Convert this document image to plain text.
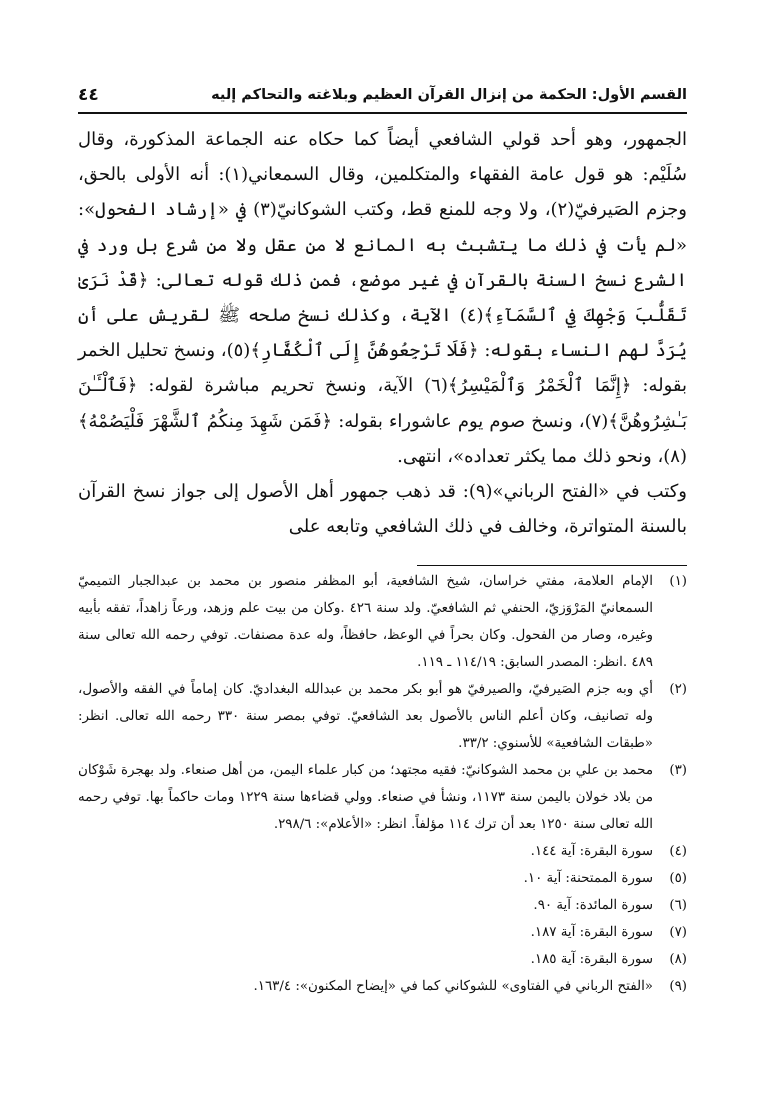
القسم الأول: الحكمة من إنزال القرآن العظيم وبلاغته والتحاكم إليه
٤٤

الجمهور، وهو أحد قولي الشافعي أيضاً كما حكاه عنه الجماعة المذكورة، وقال سُلَيْم: هو قول عامة الفقهاء والمتكلمين، وقال السمعاني(١): أنه الأولى بالحق، وجزم الصَيرفيّ(٢)، ولا وجه للمنع قط، وكتب الشوكانيّ(٣) في «إرشاد الفحول»: «لم يأت في ذلك ما يتشبث به المانع لا من عقل ولا من شرع بل ورد في الشرع نسخ السنة بالقرآن في غير موضع، فمن ذلك قوله تعالى: ﴿قَدْ نَرَىٰ تَقَلُّبَ وَجْهِكَ فِي ٱلسَّمَآءِ﴾(٤) الآية، وكذلك نسخ صلحه ﷺ لقريش على أن يُرَدَّ لهم النساء بقوله: ﴿فَلَا تَرْجِعُوهُنَّ إِلَى ٱلْكُفَّارِ﴾(٥)، ونسخ تحليل الخمر بقوله: ﴿إِنَّمَا ٱلْخَمْرُ وَٱلْمَيْسِرُ﴾(٦) الآية، ونسخ تحريم مباشرة لقوله: ﴿فَٱلْـَٔـٰنَ بَـٰشِرُوهُنَّ﴾(٧)، ونسخ صوم يوم عاشوراء بقوله: ﴿فَمَن شَهِدَ مِنكُمُ ٱلشَّهْرَ فَلْيَصُمْهُ﴾(٨)، ونحو ذلك مما يكثر تعداده»، انتهى.

وكتب في «الفتح الرباني»(٩): قد ذهب جمهور أهل الأصول إلى جواز نسخ القرآن بالسنة المتواترة، وخالف في ذلك الشافعي وتابعه على

(١)
الإمام العلامة، مفتي خراسان، شيخ الشافعية، أبو المظفر منصور بن محمد بن عبدالجبار التميميّ السمعانيّ المَرْوَزيّ، الحنفي ثم الشافعيّ. ولد سنة ٤٢٦ .وكان من بيت علم وزهد، ورعاً زاهداً، تفقه بأبيه وغيره، وصار من الفحول. وكان بحراً في الوعظ، حافظاً، وله عدة مصنفات. توفي رحمه الله تعالى سنة ٤٨٩ .انظر: المصدر السابق: ١١٤/١٩ ـ ١١٩.
(٢)
أي وبه جزم الصَيرفيّ، والصيرفيّ هو أبو بكر محمد بن عبدالله البغداديّ. كان إماماً في الفقه والأصول، وله تصانيف، وكان أعلم الناس بالأصول بعد الشافعيّ. توفي بمصر سنة ٣٣٠ رحمه الله تعالى. انظر: «طبقات الشافعية» للأسنوي: ٣٣/٢.
(٣)
محمد بن علي بن محمد الشوكانيّ: فقيه مجتهد؛ من كبار علماء اليمن، من أهل صنعاء. ولد بهجرة شَوْكان من بلاد خولان باليمن سنة ١١٧٣، ونشأ في صنعاء. وولي قضاءها سنة ١٢٢٩ ومات حاكماً بها. توفي رحمه الله تعالى سنة ١٢٥٠ بعد أن ترك ١١٤ مؤلفاً. انظر: «الأعلام»: ٢٩٨/٦.
(٤)
سورة البقرة: آية ١٤٤.
(٥)
سورة الممتحنة: آية ١٠.
(٦)
سورة المائدة: آية ٩٠.
(٧)
سورة البقرة: آية ١٨٧.
(٨)
سورة البقرة: آية ١٨٥.
(٩)
«الفتح الرباني في الفتاوى» للشوكاني كما في «إيضاح المكنون»: ١٦٣/٤.
